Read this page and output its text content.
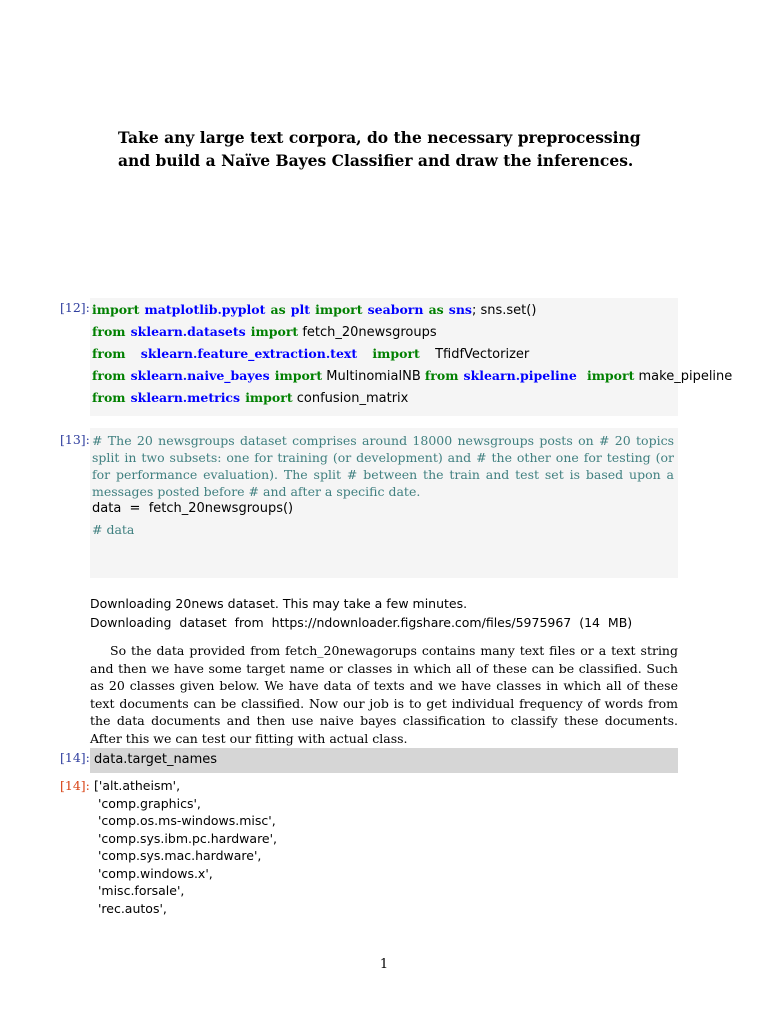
Take any large text corpora, do the necessary preprocessing and build a Naïve Bayes Classifier and draw the inferences.
[12]: import matplotlib.pyplot as plt import seaborn as sns; sns.set()
from sklearn.datasets import fetch_20newsgroups
from sklearn.feature_extraction.text import TfidfVectorizer
from sklearn.naive_bayes import MultinomialNB from sklearn.pipeline import make_pipeline
from sklearn.metrics import confusion_matrix
[13]: # The 20 newsgroups dataset comprises around 18000 newsgroups posts on # 20 topics split in two subsets: one for training (or development) and # the other one for testing (or for performance evaluation). The split # between the train and test set is based upon a messages posted before # and after a specific date.
data  =  fetch_20newsgroups()
# data
Downloading 20news dataset. This may take a few minutes.
Downloading  dataset  from  https://ndownloader.figshare.com/files/5975967  (14  MB)
So the data provided from fetch_20newagorups contains many text files or a text string and then we have some target name or classes in which all of these can be classified. Such as 20 classes given below. We have data of texts and we have classes in which all of these text documents can be classified. Now our job is to get individual frequency of words from the data documents and then use naive bayes classification to classify these documents. After this we can test our fitting with actual class.
[14]: data.target_names
[14]: ['alt.atheism',
'comp.graphics',
'comp.os.ms-windows.misc',
'comp.sys.ibm.pc.hardware',
'comp.sys.mac.hardware',
'comp.windows.x',
'misc.forsale',
'rec.autos',
1
